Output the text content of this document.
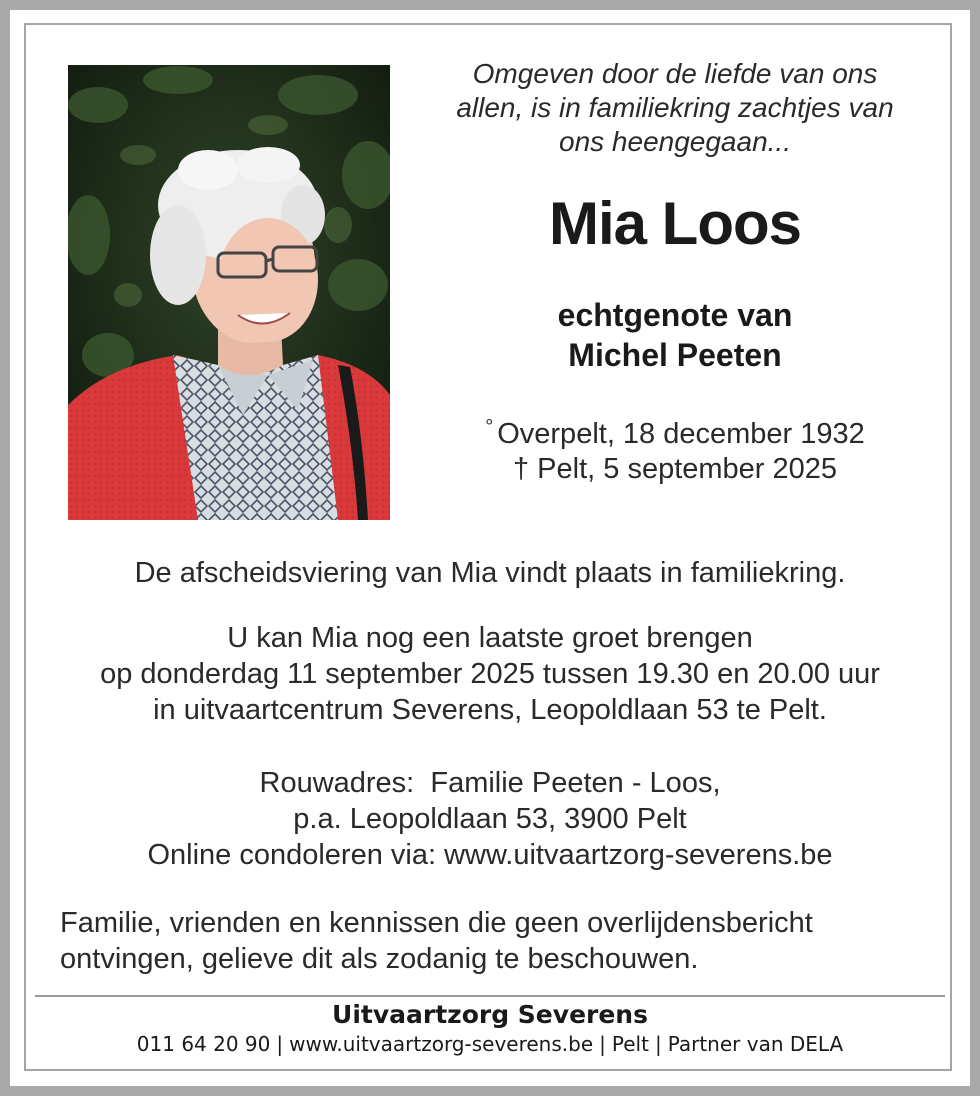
Omgeven door de liefde van ons
allen, is in familiekring zachtjes van
ons heengegaan...
Mia Loos
echtgenote van
Michel Peeten
° Overpelt, 18 december 1932
† Pelt, 5 september 2025
De afscheidsviering van Mia vindt plaats in familiekring.
U kan Mia nog een laatste groet brengen
op donderdag 11 september 2025 tussen 19.30 en 20.00 uur
in uitvaartcentrum Severens, Leopoldlaan 53 te Pelt.
Rouwadres:  Familie Peeten - Loos,
p.a. Leopoldlaan 53, 3900 Pelt
Online condoleren via: www.uitvaartzorg-severens.be
Familie, vrienden en kennissen die geen overlijdensbericht
ontvingen, gelieve dit als zodanig te beschouwen.
Uitvaartzorg Severens
011 64 20 90 | www.uitvaartzorg-severens.be | Pelt | Partner van DELA
